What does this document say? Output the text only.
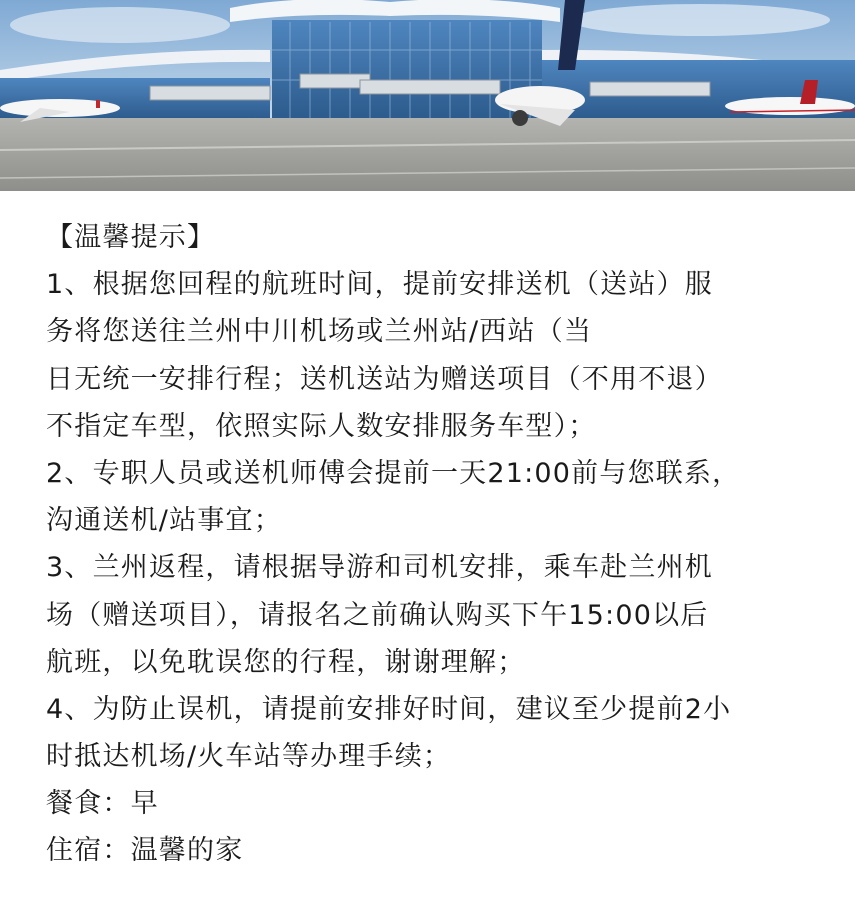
【温馨提示】
1、根据您回程的航班时间，提前安排送机（送站）服
务将您送往兰州中川机场或兰州站/西站（当
日无统一安排行程；送机送站为赠送项目（不用不退）
不指定车型，依照实际人数安排服务车型）；
2、专职人员或送机师傅会提前一天21:00前与您联系，
沟通送机/站事宜；
3、兰州返程，请根据导游和司机安排，乘车赴兰州机
场（赠送项目），请报名之前确认购买下午15:00以后
航班，以免耽误您的行程，谢谢理解；
4、为防止误机，请提前安排好时间，建议至少提前2小
时抵达机场/火车站等办理手续；
餐食：早
住宿：温馨的家
